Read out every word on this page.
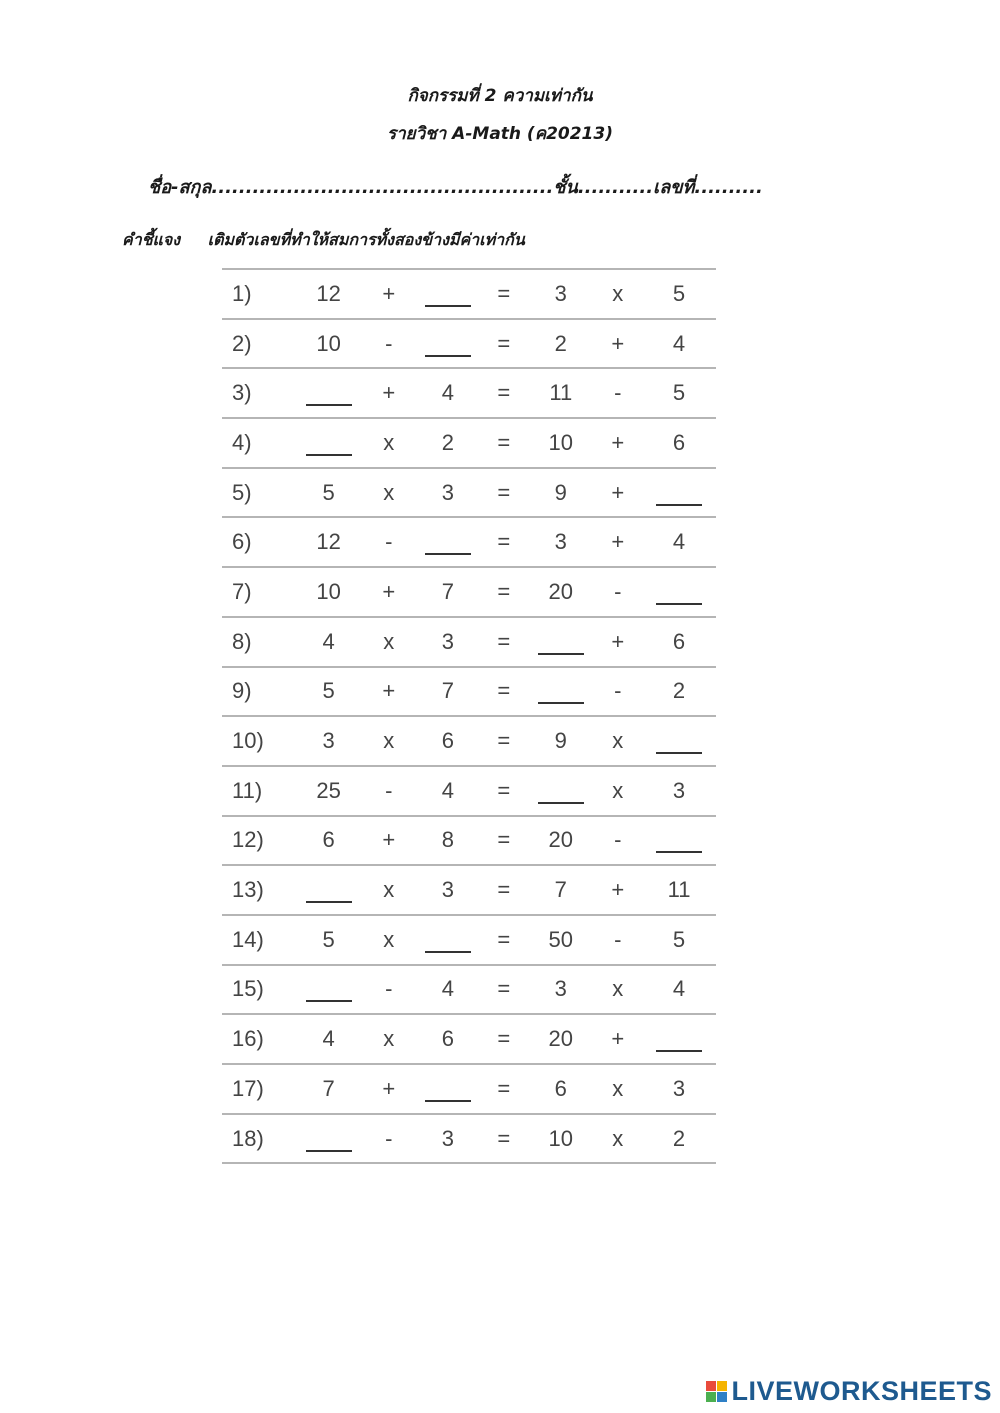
กิจกรรมที่ 2 ความเท่ากัน
รายวิชา A-Math (ค20213)
ชื่อ-สกุล..................................................ชั้น...........เลขที่..........
คำชี้แจง เติมตัวเลขที่ทำให้สมการทั้งสองข้างมีค่าเท่ากัน
1)	12	+		=	3	x	5
2)	10	-		=	2	+	4
3)		+	4	=	11	-	5
4)		x	2	=	10	+	6
5)	5	x	3	=	9	+	
6)	12	-		=	3	+	4
7)	10	+	7	=	20	-	
8)	4	x	3	=		+	6
9)	5	+	7	=		-	2
10)	3	x	6	=	9	x	
11)	25	-	4	=		x	3
12)	6	+	8	=	20	-	
13)		x	3	=	7	+	11
14)	5	x		=	50	-	5
15)		-	4	=	3	x	4
16)	4	x	6	=	20	+	
17)	7	+		=	6	x	3
18)		-	3	=	10	x	2
LIVEWORKSHEETS
